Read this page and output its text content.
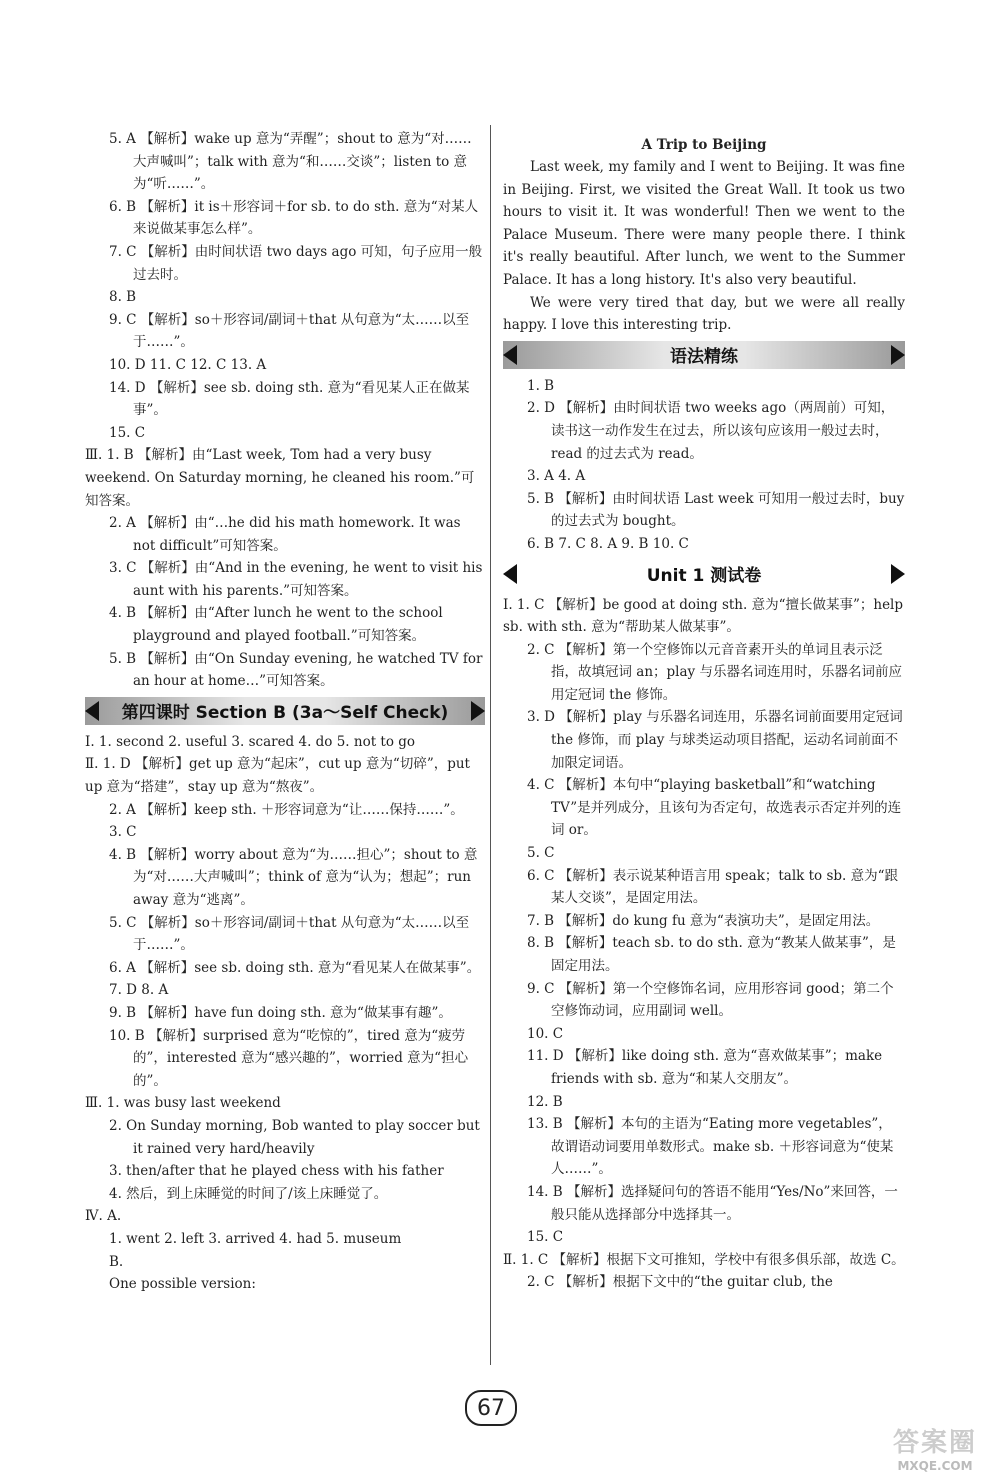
5. A 【解析】wake up 意为“弄醒”；shout to 意为“对……大声喊叫”；talk with 意为“和……交谈”；listen to 意为“听……”。
6. B 【解析】it is＋形容词＋for sb. to do sth. 意为“对某人来说做某事怎么样”。
7. C 【解析】由时间状语 two days ago 可知，句子应用一般过去时。
8. B
9. C 【解析】so＋形容词/副词＋that 从句意为“太……以至于……”。
10. D 11. C 12. C 13. A
14. D 【解析】see sb. doing sth. 意为“看见某人正在做某事”。
15. C
Ⅲ. 1. B 【解析】由“Last week, Tom had a very busy weekend. On Saturday morning, he cleaned his room.”可知答案。
2. A 【解析】由“…he did his math homework. It was not difficult”可知答案。
3. C 【解析】由“And in the evening, he went to visit his aunt with his parents.”可知答案。
4. B 【解析】由“After lunch he went to the school playground and played football.”可知答案。
5. B 【解析】由“On Sunday evening, he watched TV for an hour at home…”可知答案。
第四课时 Section B (3a～Self Check)
Ⅰ. 1. second 2. useful 3. scared 4. do 5. not to go
Ⅱ. 1. D 【解析】get up 意为“起床”，cut up 意为“切碎”，put up 意为“搭建”，stay up 意为“熬夜”。
2. A 【解析】keep sth. ＋形容词意为“让……保持……”。
3. C
4. B 【解析】worry about 意为“为……担心”；shout to 意为“对……大声喊叫”；think of 意为“认为；想起”；run away 意为“逃离”。
5. C 【解析】so＋形容词/副词＋that 从句意为“太……以至于……”。
6. A 【解析】see sb. doing sth. 意为“看见某人在做某事”。
7. D 8. A
9. B 【解析】have fun doing sth. 意为“做某事有趣”。
10. B 【解析】surprised 意为“吃惊的”，tired 意为“疲劳的”，interested 意为“感兴趣的”，worried 意为“担心的”。
Ⅲ. 1. was busy last weekend
2. On Sunday morning, Bob wanted to play soccer but it rained very hard/heavily
3. then/after that he played chess with his father
4. 然后，到上床睡觉的时间了/该上床睡觉了。
Ⅳ. A.
1. went 2. left 3. arrived 4. had 5. museum
B.
One possible version:
A Trip to Beijing

Last week, my family and I went to Beijing. It was fine in Beijing. First, we visited the Great Wall. It took us two hours to visit it. It was wonderful! Then we went to the Palace Museum. There were many people there. I think it's really beautiful. After lunch, we went to the Summer Palace. It has a long history. It's also very beautiful.

We were very tired that day, but we were all really happy. I love this interesting trip.

语法精练
1. B
2. D 【解析】由时间状语 two weeks ago（两周前）可知，读书这一动作发生在过去，所以该句应该用一般过去时，read 的过去式为 read。
3. A 4. A
5. B 【解析】由时间状语 Last week 可知用一般过去时，buy 的过去式为 bought。
6. B 7. C 8. A 9. B 10. C
Unit 1 测试卷
Ⅰ. 1. C 【解析】be good at doing sth. 意为“擅长做某事”；help sb. with sth. 意为“帮助某人做某事”。
2. C 【解析】第一个空修饰以元音音素开头的单词且表示泛指，故填冠词 an；play 与乐器名词连用时，乐器名词前应用定冠词 the 修饰。
3. D 【解析】play 与乐器名词连用，乐器名词前面要用定冠词 the 修饰，而 play 与球类运动项目搭配，运动名词前面不加限定词语。
4. C 【解析】本句中“playing basketball”和“watching TV”是并列成分，且该句为否定句，故选表示否定并列的连词 or。
5. C
6. C 【解析】表示说某种语言用 speak；talk to sb. 意为“跟某人交谈”，是固定用法。
7. B 【解析】do kung fu 意为“表演功夫”，是固定用法。
8. B 【解析】teach sb. to do sth. 意为“教某人做某事”，是固定用法。
9. C 【解析】第一个空修饰名词，应用形容词 good；第二个空修饰动词，应用副词 well。
10. C
11. D 【解析】like doing sth. 意为“喜欢做某事”；make friends with sb. 意为“和某人交朋友”。
12. B
13. B 【解析】本句的主语为“Eating more vegetables”，故谓语动词要用单数形式。make sb. ＋形容词意为“使某人……”。
14. B 【解析】选择疑问句的答语不能用“Yes/No”来回答，一般只能从选择部分中选择其一。
15. C
Ⅱ. 1. C 【解析】根据下文可推知，学校中有很多俱乐部，故选 C。
2. C 【解析】根据下文中的“the guitar club, the
67
答案圈
MXQE.COM
